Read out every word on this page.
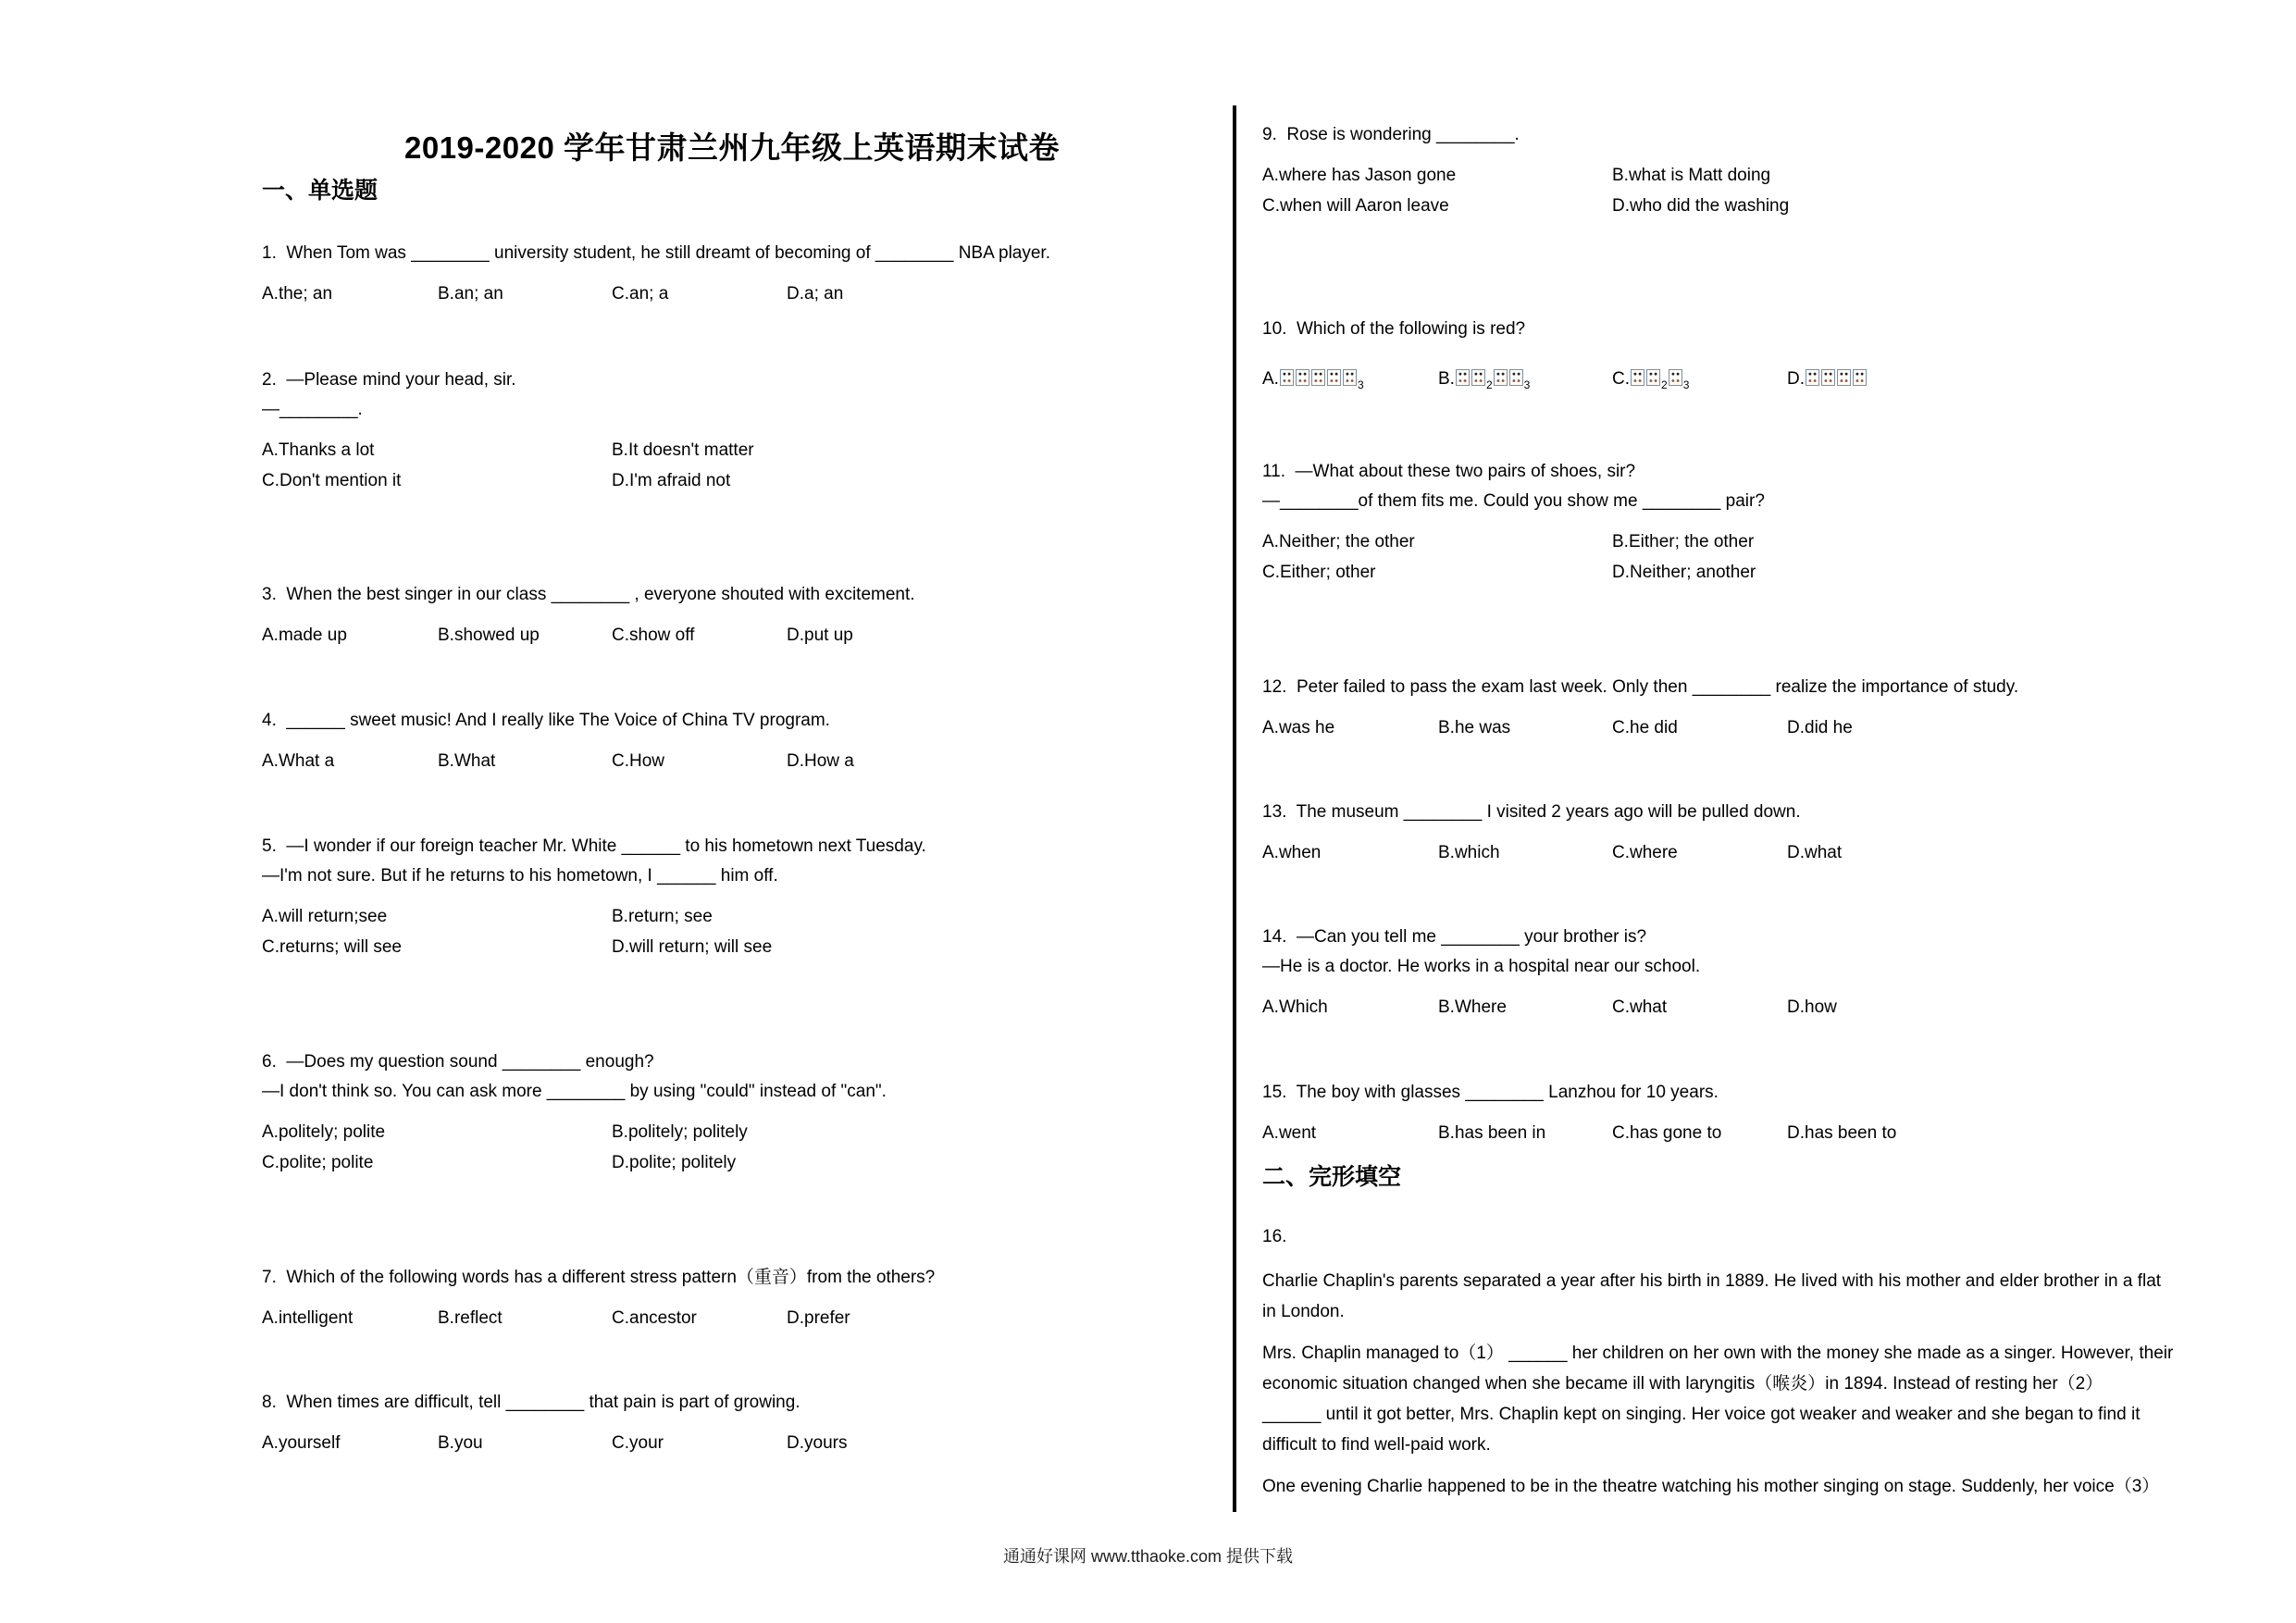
2019-2020 学年甘肃兰州九年级上英语期末试卷
一、单选题
二、完形填空
16.
Charlie Chaplin's parents separated a year after his birth in 1889. He lived with his mother and elder brother in a flat
in London.
Mrs. Chaplin managed to（1） ______ her children on her own with the money she made as a singer. However, their
economic situation changed when she became ill with laryngitis（喉炎）in 1894. Instead of resting her（2）
______ until it got better, Mrs. Chaplin kept on singing. Her voice got weaker and weaker and she began to find it
difficult to find well-paid work.
One evening Charlie happened to be in the theatre watching his mother singing on stage. Suddenly, her voice（3）
通通好课网 www.tthaoke.com 提供下载
1.  When Tom was ________ university student, he still dreamt of becoming of ________ NBA player.
A.the; an	B.an; an	C.an; a	D.a; an
2.  —Please mind your head, sir.
—________.
A.Thanks a lot	B.It doesn't matter
C.Don't mention it	D.I'm afraid not
3.  When the best singer in our class ________ , everyone shouted with excitement.
A.made up	B.showed up	C.show off	D.put up
4.  ______ sweet music! And I really like The Voice of China TV program.
A.What a	B.What	C.How	D.How a
5.  —I wonder if our foreign teacher Mr. White ______ to his hometown next Tuesday.
—I'm not sure. But if he returns to his hometown, I ______ him off.
A.will return;see	B.return; see
C.returns; will see	D.will return; will see
6.  —Does my question sound ________ enough?
—I don't think so. You can ask more ________ by using "could" instead of "can".
A.politely; polite	B.politely; politely
C.polite; polite	D.polite; politely
7.  Which of the following words has a different stress pattern（重音）from the others?
A.intelligent	B.reflect	C.ancestor	D.prefer
8.  When times are difficult, tell ________ that pain is part of growing.
A.yourself	B.you	C.your	D.yours
9.  Rose is wondering ________.
A.where has Jason gone	B.what is Matt doing
C.when will Aaron leave	D.who did the washing
10.  Which of the following is red?
A.	$_3$	B.	$_2$	$_3$	C.	$_2$ $_3$	D.
11.  —What about these two pairs of shoes, sir?
—________of them fits me. Could you show me ________ pair?
A.Neither; the other	B.Either; the other
C.Either; other	D.Neither; another
12.  Peter failed to pass the exam last week. Only then ________ realize the importance of study.
A.was he	B.he was	C.he did	D.did he
13.  The museum ________ I visited 2 years ago will be pulled down.
A.when	B.which	C.where	D.what
14.  —Can you tell me ________ your brother is?
—He is a doctor. He works in a hospital near our school.
A.Which	B.Where	C.what	D.how
15.  The boy with glasses ________ Lanzhou for 10 years.
A.went	B.has been in	C.has gone to	D.has been to
